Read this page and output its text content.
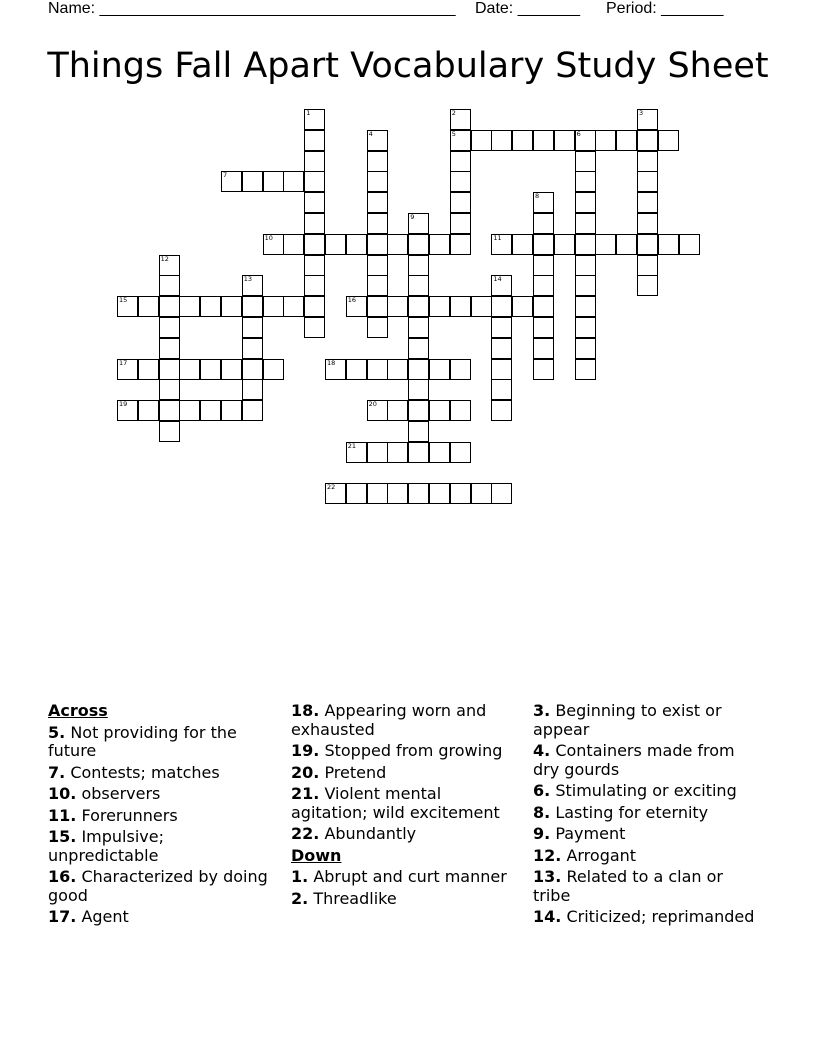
Name: ________________________________________ Date: _______ Period: _______
Things Fall Apart Vocabulary Study Sheet
1	2	3
4	5	6
7
8
9
10	11
12
13	14
15	16
17	18
19	20
21
22
Across
5. Not providing for the future
7. Contests; matches
10. observers
11. Forerunners
15. Impulsive; unpredictable
16. Characterized by doing good
17. Agent
18. Appearing worn and exhausted
19. Stopped from growing
20. Pretend
21. Violent mental agitation; wild excitement
22. Abundantly
Down
1. Abrupt and curt manner
2. Threadlike
3. Beginning to exist or appear
4. Containers made from dry gourds
6. Stimulating or exciting
8. Lasting for eternity
9. Payment
12. Arrogant
13. Related to a clan or tribe
14. Criticized; reprimanded
